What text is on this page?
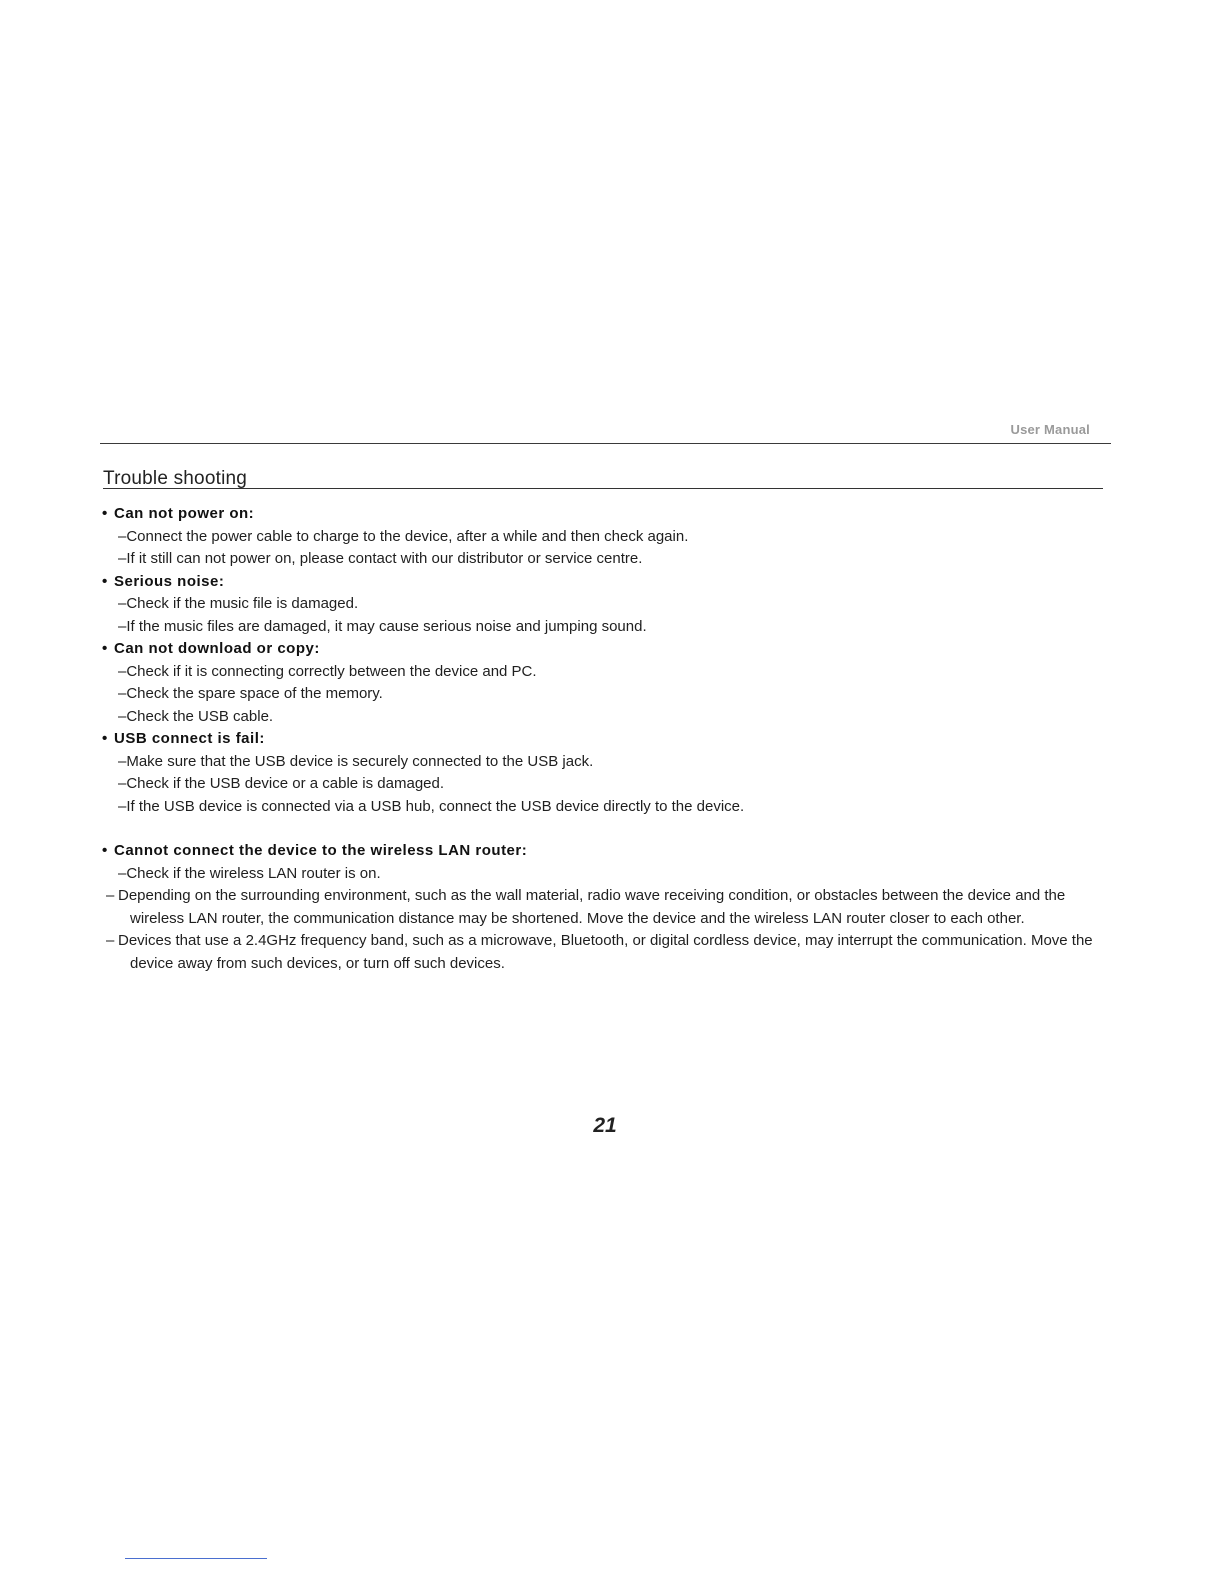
User Manual
Trouble shooting
• Can not power on:
–Connect the power cable to charge to the device, after a while and then check again.
–If it still can not power on, please contact with our distributor or service centre.
• Serious noise:
–Check if the music file is damaged.
–If the music files are damaged, it may cause serious noise and jumping sound.
• Can not download or copy:
–Check if it is connecting correctly between the device and PC.
–Check the spare space of the memory.
–Check the USB cable.
• USB connect is fail:
–Make sure that the USB device is securely connected to the USB jack.
–Check if the USB device or a cable is damaged.
–If the USB device is connected via a USB hub, connect the USB device directly to the device.
• Cannot connect the device to the wireless LAN router:
–Check if the wireless LAN router is on.
– Depending on the surrounding environment, such as the wall material, radio wave receiving condition, or obstacles between the device and the wireless LAN router, the communication distance may be shortened. Move the device and the wireless LAN router closer to each other.
– Devices that use a 2.4GHz frequency band, such as a microwave, Bluetooth, or digital cordless device, may interrupt the communication. Move the device away from such devices, or turn off such devices.
21
